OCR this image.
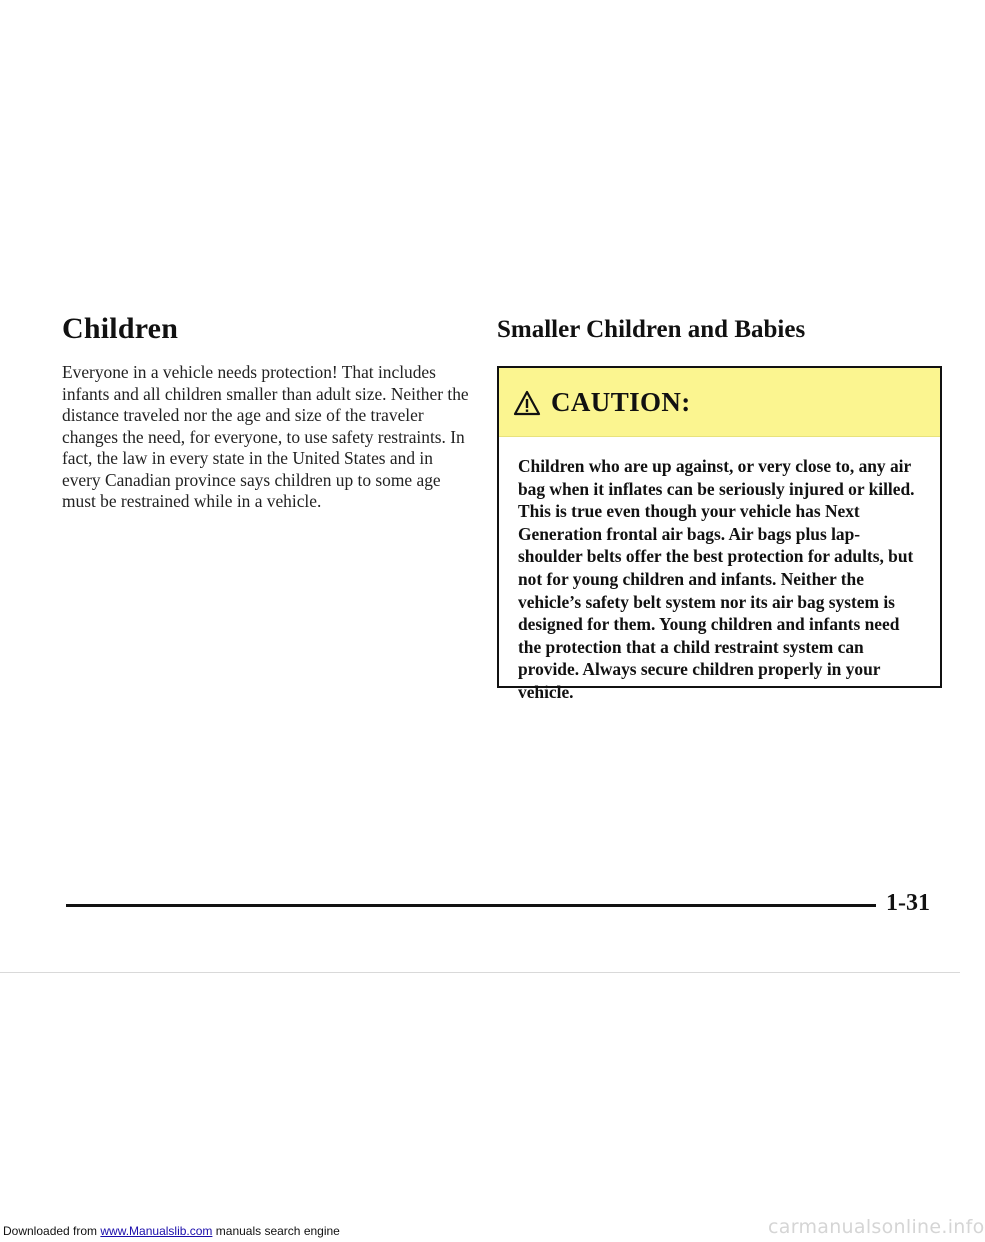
Children

Everyone in a vehicle needs protection! That includes infants and all children smaller than adult size. Neither the distance traveled nor the age and size of the traveler changes the need, for everyone, to use safety restraints. In fact, the law in every state in the United States and in every Canadian province says children up to some age must be restrained while in a vehicle.

Smaller Children and Babies
CAUTION:

Children who are up against, or very close to, any air bag when it inflates can be seriously injured or killed. This is true even though your vehicle has Next Generation frontal air bags. Air bags plus lap-shoulder belts offer the best protection for adults, but not for young children and infants. Neither the vehicle’s safety belt system nor its air bag system is designed for them. Young children and infants need the protection that a child restraint system can provide. Always secure children properly in your vehicle.

1-31
Downloaded from www.Manualslib.com manuals search engine	carmanualsonline.info
